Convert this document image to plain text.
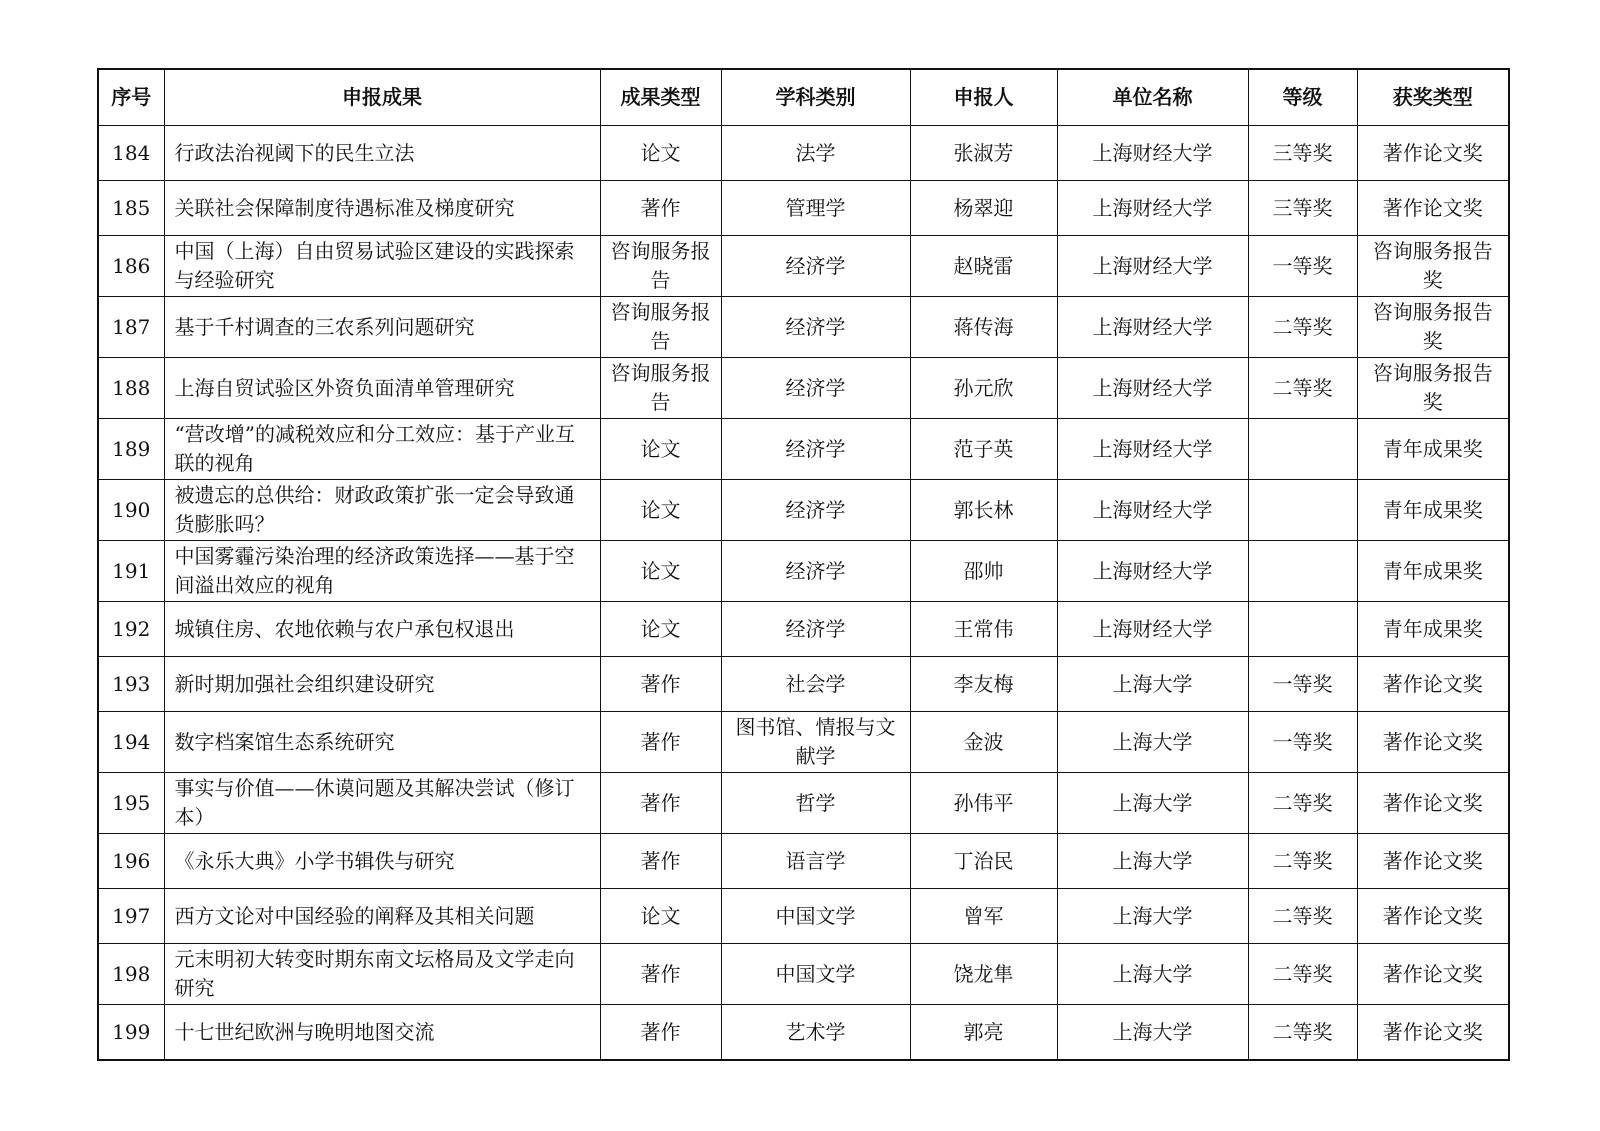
序号	申报成果	成果类型	学科类别	申报人	单位名称	等级	获奖类型
184	行政法治视阈下的民生立法	论文	法学	张淑芳	上海财经大学	三等奖	著作论文奖
185	关联社会保障制度待遇标准及梯度研究	著作	管理学	杨翠迎	上海财经大学	三等奖	著作论文奖
186	中国（上海）自由贸易试验区建设的实践探索与经验研究	咨询服务报告	经济学	赵晓雷	上海财经大学	一等奖	咨询服务报告奖
187	基于千村调查的三农系列问题研究	咨询服务报告	经济学	蒋传海	上海财经大学	二等奖	咨询服务报告奖
188	上海自贸试验区外资负面清单管理研究	咨询服务报告	经济学	孙元欣	上海财经大学	二等奖	咨询服务报告奖
189	“营改增”的减税效应和分工效应：基于产业互联的视角	论文	经济学	范子英	上海财经大学		青年成果奖
190	被遗忘的总供给：财政政策扩张一定会导致通货膨胀吗？	论文	经济学	郭长林	上海财经大学		青年成果奖
191	中国雾霾污染治理的经济政策选择——基于空间溢出效应的视角	论文	经济学	邵帅	上海财经大学		青年成果奖
192	城镇住房、农地依赖与农户承包权退出	论文	经济学	王常伟	上海财经大学		青年成果奖
193	新时期加强社会组织建设研究	著作	社会学	李友梅	上海大学	一等奖	著作论文奖
194	数字档案馆生态系统研究	著作	图书馆、情报与文献学	金波	上海大学	一等奖	著作论文奖
195	事实与价值——休谟问题及其解决尝试（修订本）	著作	哲学	孙伟平	上海大学	二等奖	著作论文奖
196	《永乐大典》小学书辑佚与研究	著作	语言学	丁治民	上海大学	二等奖	著作论文奖
197	西方文论对中国经验的阐释及其相关问题	论文	中国文学	曾军	上海大学	二等奖	著作论文奖
198	元末明初大转变时期东南文坛格局及文学走向研究	著作	中国文学	饶龙隼	上海大学	二等奖	著作论文奖
199	十七世纪欧洲与晚明地图交流	著作	艺术学	郭亮	上海大学	二等奖	著作论文奖
